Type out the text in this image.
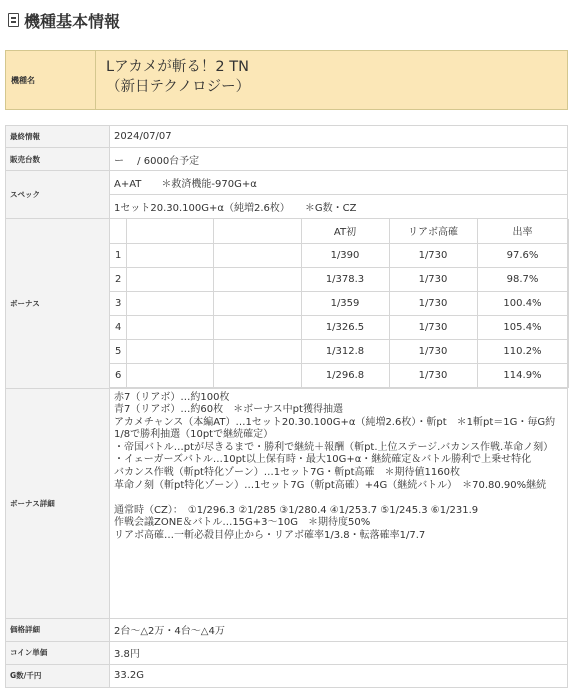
機種基本情報
機種名
Lアカメが斬る！2 TN
（新日テクノロジー）
最終情報	2024/07/07
販売台数	ー　 / 6000台予定
スペック	A+AT　　＊救済機能-970G+α
1セット20.30.100G+α（純増2.6枚）　　＊G数・CZ
ボーナス	
			AT初	リアボ高確	出率
1			1/390	1/730	97.6%
2			1/378.3	1/730	98.7%
3			1/359	1/730	100.4%
4			1/326.5	1/730	105.4%
5			1/312.8	1/730	110.2%
6			1/296.8	1/730	114.9%

ボーナス詳細	
赤7（リアボ）…約100枚
青7（リアボ）…約60枚　＊ボーナス中pt獲得抽選
アカメチャンス（本編AT）…1セット20.30.100G+α（純増2.6枚）・斬pt　＊1斬pt＝1G・毎G約1/8で勝利抽選（10ptで継続確定）
・帝国バトル…ptが尽きるまで・勝利で継続＋報酬（斬pt.上位ステージ.バカンス作戦.革命ノ刻）
・イェーガーズバトル…10pt以上保有時・最大10G+α・継続確定＆バトル勝利で上乗せ特化
バカンス作戦（斬pt特化ゾーン）…1セット7G・斬pt高確　＊期待値1160枚
革命ノ刻（斬pt特化ゾーン）…1セット7G（斬pt高確）+4G（継続バトル）　＊70.80.90%継続

通常時（CZ）：　①1/296.3 ②1/285 ③1/280.4 ④1/253.7 ⑤1/245.3 ⑥1/231.9
作戦会議ZONE＆バトル…15G+3～10G　＊期待度50%
リアボ高確…一斬必殺目停止から・リアボ確率1/3.8・転落確率1/7.7

価格詳細	2台～△2万・4台～△4万
コイン単価	3.8円
G数/千円	33.2G
